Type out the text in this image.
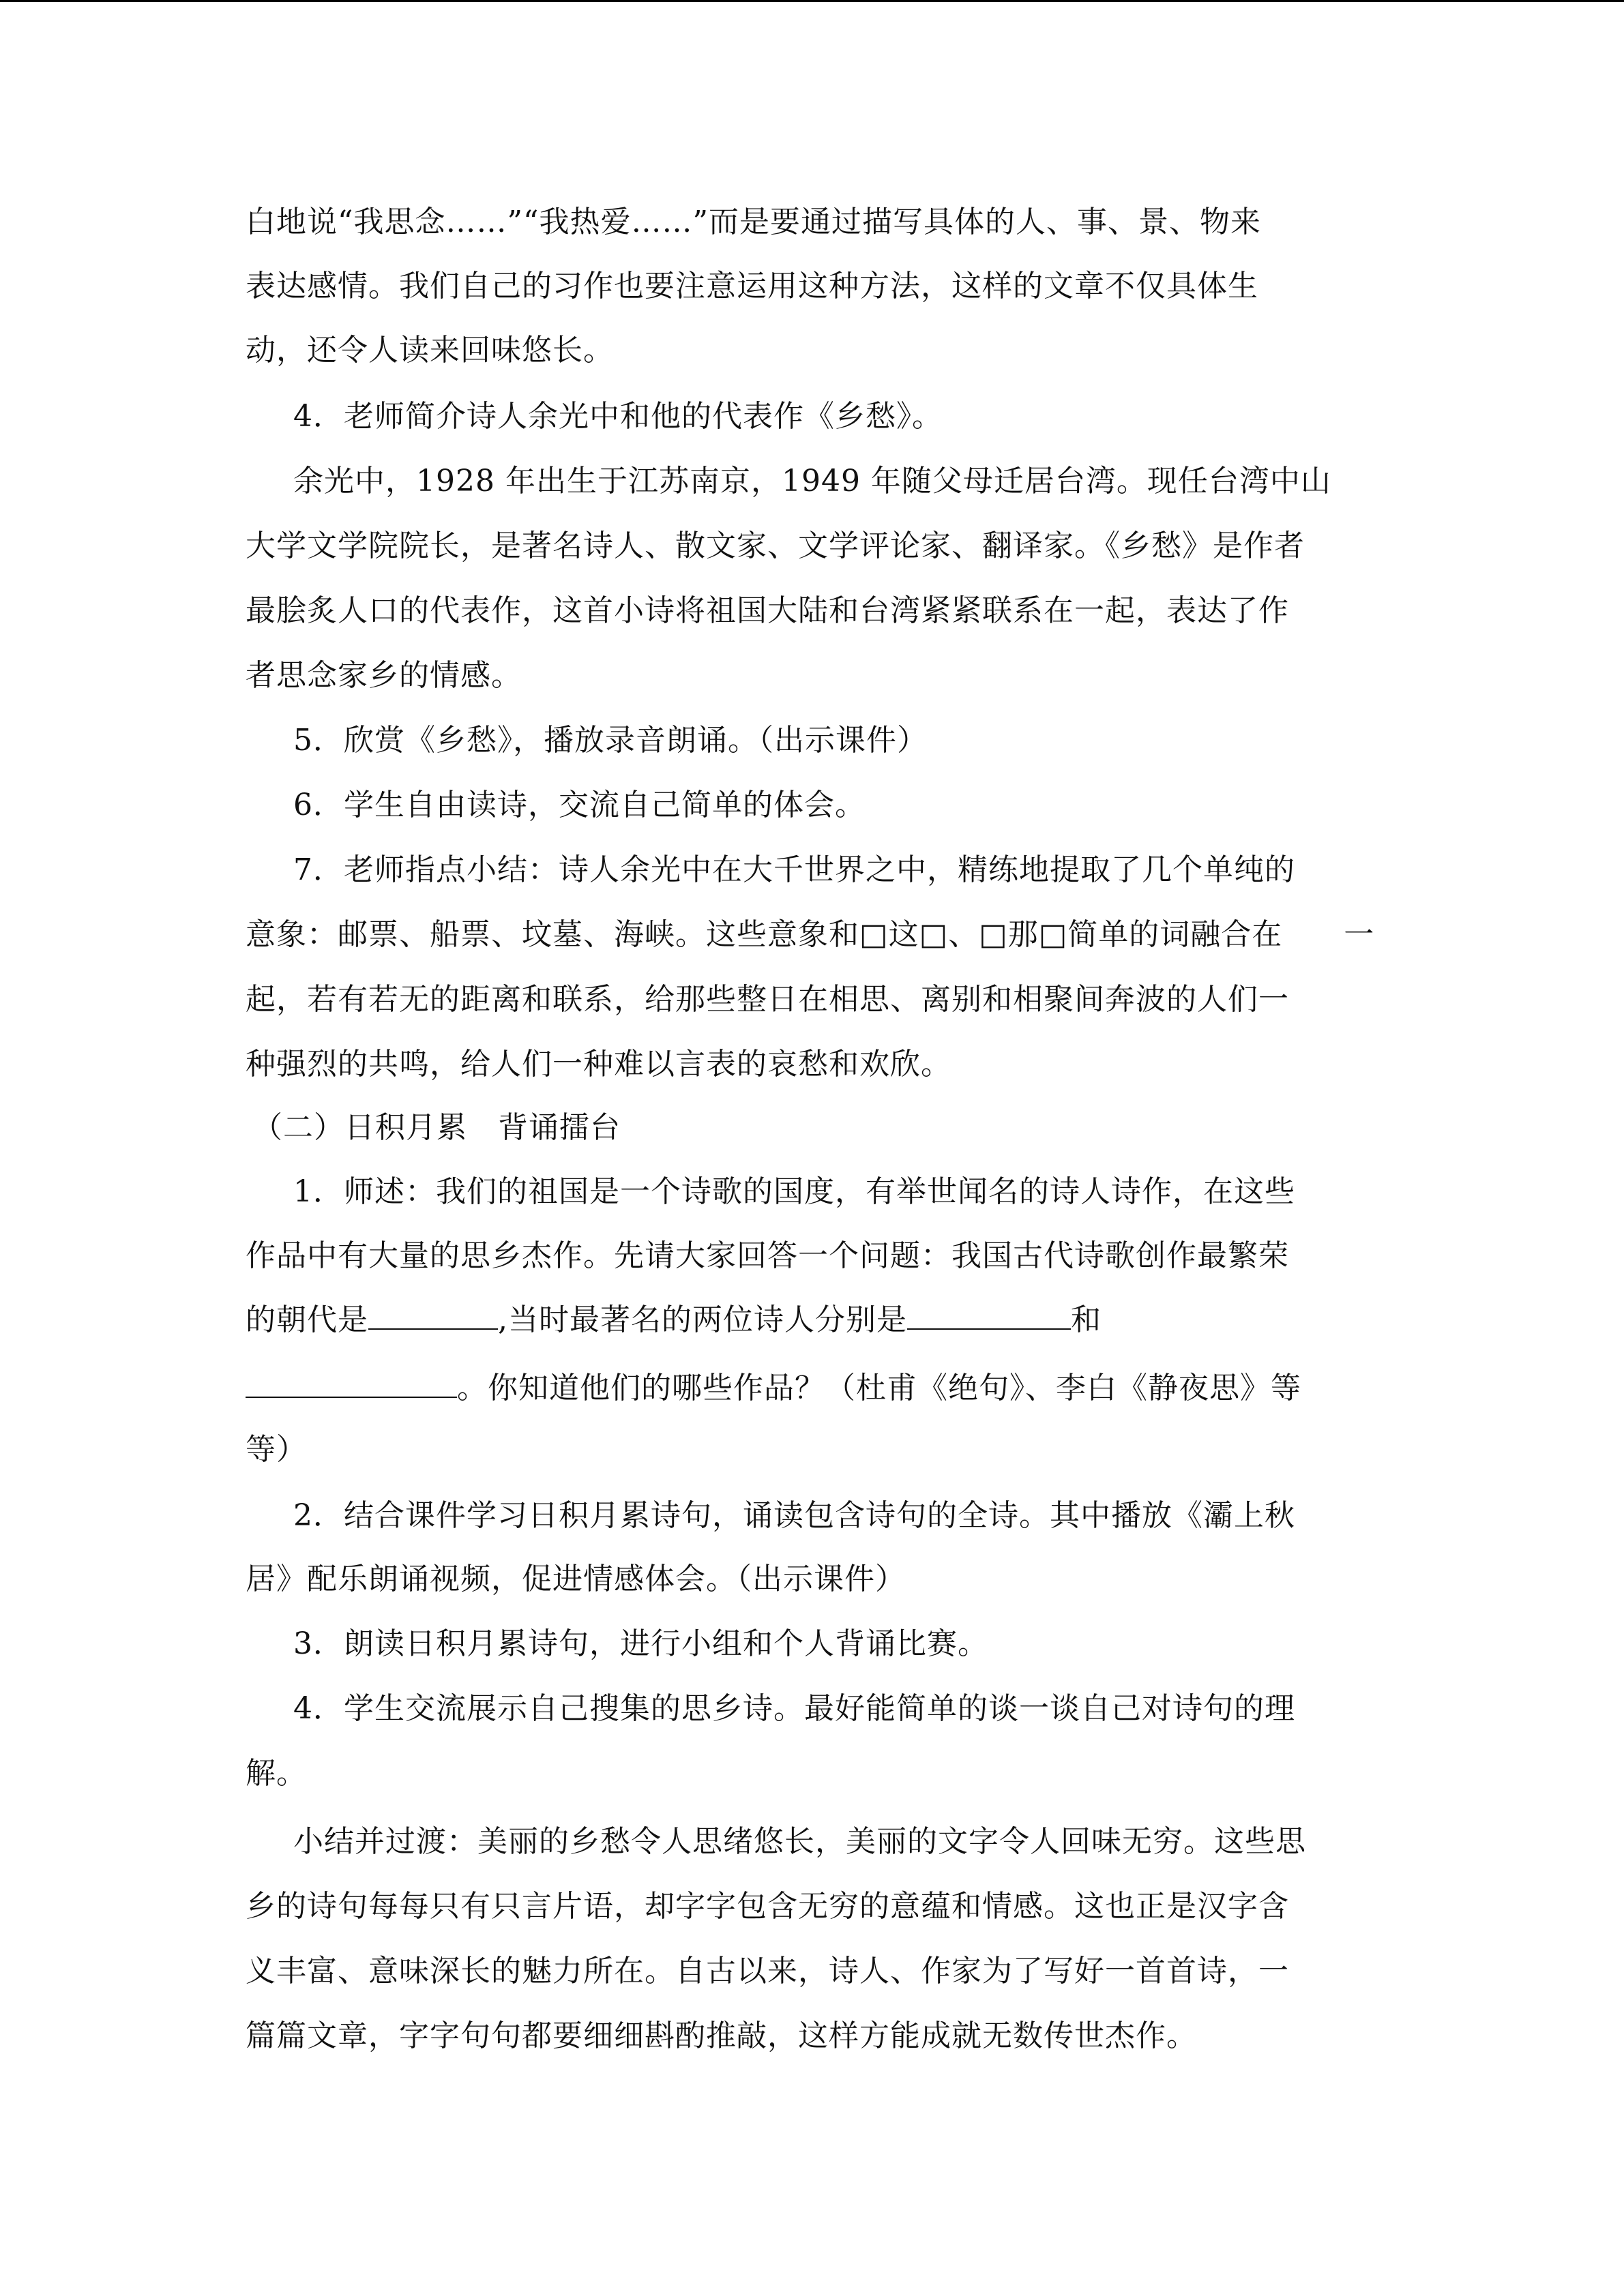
白地说“我思念……”“我热爱……”而是要通过描写具体的人、事、景、物来
表达感情。我们自己的习作也要注意运用这种方法，这样的文章不仅具体生
动，还令人读来回味悠长。
4．老师简介诗人余光中和他的代表作《乡愁》。
余光中，1928 年出生于江苏南京，1949 年随父母迁居台湾。现任台湾中山
大学文学院院长，是著名诗人、散文家、文学评论家、翻译家。《乡愁》是作者
最脍炙人口的代表作，这首小诗将祖国大陆和台湾紧紧联系在一起，表达了作
者思念家乡的情感。
5．欣赏《乡愁》，播放录音朗诵。（出示课件）
6．学生自由读诗，交流自己简单的体会。
7．老师指点小结：诗人余光中在大千世界之中，精练地提取了几个单纯的
意象：邮票、船票、坟墓、海峡。这些意象和□这□、□那□简单的词融合在　　一
起，若有若无的距离和联系，给那些整日在相思、离别和相聚间奔波的人们一
种强烈的共鸣，给人们一种难以言表的哀愁和欢欣。
（二）日积月累　背诵擂台
1．师述：我们的祖国是一个诗歌的国度，有举世闻名的诗人诗作，在这些
作品中有大量的思乡杰作。先请大家回答一个问题：我国古代诗歌创作最繁荣
的朝代是	,当时最著名的两位诗人分别是	和
。你知道他们的哪些作品？（杜甫《绝句》、李白《静夜思》等
等）
2．结合课件学习日积月累诗句，诵读包含诗句的全诗。其中播放《灞上秋
居》配乐朗诵视频，促进情感体会。（出示课件）
3．朗读日积月累诗句，进行小组和个人背诵比赛。
4．学生交流展示自己搜集的思乡诗。最好能简单的谈一谈自己对诗句的理
解。
小结并过渡：美丽的乡愁令人思绪悠长，美丽的文字令人回味无穷。这些思
乡的诗句每每只有只言片语，却字字包含无穷的意蕴和情感。这也正是汉字含
义丰富、意味深长的魅力所在。自古以来，诗人、作家为了写好一首首诗，一
篇篇文章，字字句句都要细细斟酌推敲，这样方能成就无数传世杰作。
